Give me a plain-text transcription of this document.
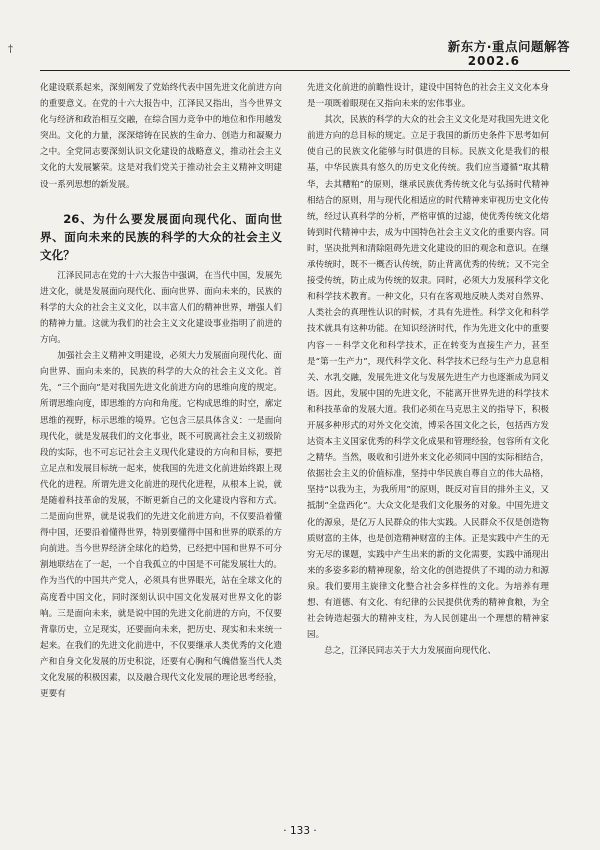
†	新东方·重点问题解答
2002.6

化建设联系起来，深刻阐发了党始终代表中国先进文化前进方向的重要意义。在党的十六大报告中，江泽民又指出，当今世界文化与经济和政治相互交融，在综合国力竞争中的地位和作用越发突出。文化的力量，深深熔铸在民族的生命力、创造力和凝聚力之中。全党同志要深刻认识文化建设的战略意义，推动社会主义文化的大发展繁荣。这是对我们党关于推动社会主义精神文明建设一系列思想的新发展。

26、为什么要发展面向现代化、面向世界、面向未来的民族的科学的大众的社会主义文化？

江泽民同志在党的十六大报告中强调，在当代中国，发展先进文化，就是发展面向现代化、面向世界、面向未来的，民族的科学的大众的社会主义文化，以丰富人们的精神世界，增强人们的精神力量。这就为我们的社会主义文化建设事业指明了前进的方向。

加强社会主义精神文明建设，必须大力发展面向现代化、面向世界、面向未来的，民族的科学的大众的社会主义文化。首先，“三个面向”是对我国先进文化前进方向的思维向度的规定。所谓思维向度，即思维的方向和角度。它构成思维的时空，廓定思维的视野，标示思维的境界。它包含三层具体含义：一是面向现代化，就是发展我们的文化事业，既不可脱离社会主义初级阶段的实际，也不可忘记社会主义现代化建设的方向和目标，要把立足点和发展目标统一起来，使我国的先进文化前进始终跟上现代化的进程。所谓先进文化前进的现代化进程，从根本上说，就是随着科技革命的发展，不断更新自己的文化建设内容和方式。二是面向世界，就是说我们的先进文化前进方向，不仅要沿着懂得中国，还要沿着懂得世界，特别要懂得中国和世界的联系的方向前进。当今世界经济全球化的趋势，已经把中国和世界不可分割地联结在了一起，一个自我孤立的中国是不可能发展壮大的。作为当代的中国共产党人，必须具有世界眼光，站在全球文化的高度看中国文化，同时深刻认识中国文化发展对世界文化的影响。三是面向未来，就是说中国的先进文化前进的方向，不仅要背靠历史，立足现实，还要面向未来，把历史、现实和未来统一起来。在我们的先进文化前进中，不仅要继承人类优秀的文化遗产和自身文化发展的历史积淀，还要有心胸和气魄借鉴当代人类文化发展的积极因素，以及融合现代文化发展的理论思考经验，更要有

先进文化前进的前瞻性设计，建设中国特色的社会主义文化本身是一项既着眼现在又指向未来的宏伟事业。

其次，民族的科学的大众的社会主义文化是对我国先进文化前进方向的总目标的规定。立足于我国的新历史条件下思考如何使自己的民族文化能够与时俱进的目标。民族文化是我们的根基，中华民族具有悠久的历史文化传统。我们应当遵循“取其精华，去其糟粕”的原则，继承民族优秀传统文化与弘扬时代精神相结合的原则，用与现代化相适应的时代精神来审视历史文化传统，经过认真科学的分析，严格审慎的过滤，使优秀传统文化熔铸到时代精神中去，成为中国特色社会主义文化的重要内容。同时，坚决批判和清除阻碍先进文化建设的旧的观念和意识。在继承传统时，既不一概否认传统，防止背离优秀的传统；又不完全接受传统，防止成为传统的奴隶。同时，必须大力发展科学文化和科学技术教育。一种文化，只有在客观地反映人类对自然界、人类社会的真理性认识的时候，才具有先进性。科学文化和科学技术就具有这种功能。在知识经济时代，作为先进文化中的重要内容－－科学文化和科学技术，正在转变为直接生产力，甚至是“第一生产力”，现代科学文化、科学技术已经与生产力息息相关、水乳交融，发展先进文化与发展先进生产力也逐渐成为同义语。因此，发展中国的先进文化，不能离开世界先进的科学技术和科技革命的发展大道。我们必须在马克思主义的指导下，积极开展多种形式的对外文化交流，博采各国文化之长，包括西方发达资本主义国家优秀的科学文化成果和管理经验，包容所有文化之精华。当然，吸收和引进外来文化必须同中国的实际相结合，依据社会主义的价值标准，坚持中华民族自尊自立的伟大品格，坚持“以我为主，为我所用”的原则，既反对盲目的排外主义，又抵制“全盘西化”。大众文化是我们文化服务的对象。中国先进文化的源泉，是亿万人民群众的伟大实践。人民群众不仅是创造物质财富的主体，也是创造精神财富的主体。正是实践中产生的无穷无尽的课题，实践中产生出来的新的文化需要，实践中涌现出来的多姿多彩的精神现象，给文化的创造提供了不竭的动力和源泉。我们要用主旋律文化整合社会多样性的文化。为培养有理想、有道德、有文化、有纪律的公民提供优秀的精神食粮，为全社会铸造起强大的精神支柱，为人民创建出一个理想的精神家园。

总之，江泽民同志关于大力发展面向现代化、

· 133 ·
